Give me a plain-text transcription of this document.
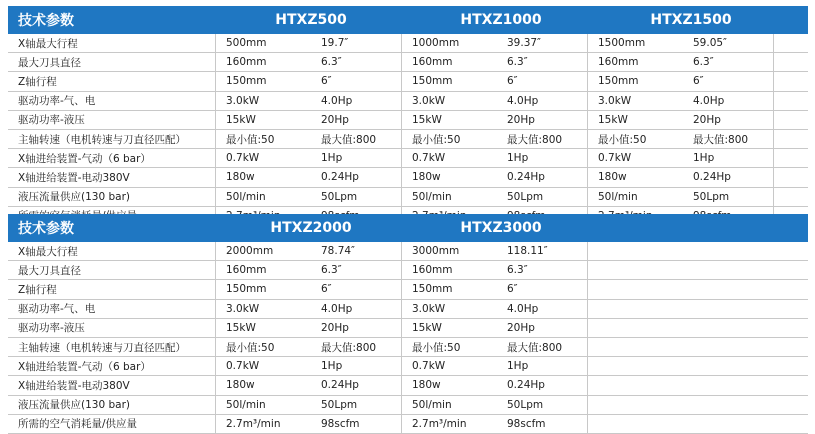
技术参数	HTXZ500	HTXZ1000	HTXZ1500
X轴最大行程	500mm	19.7″	1000mm	39.37″	1500mm	59.05″
最大刀具直径	160mm	6.3″	160mm	6.3″	160mm	6.3″
Z轴行程	150mm	6″	150mm	6″	150mm	6″
驱动功率-气、电	3.0kW	4.0Hp	3.0kW	4.0Hp	3.0kW	4.0Hp
驱动功率-液压	15kW	20Hp	15kW	20Hp	15kW	20Hp
主轴转速（电机转速与刀直径匹配）	最小值:50	最大值:800	最小值:50	最大值:800	最小值:50	最大值:800
X轴进给装置-气动（6 bar）	0.7kW	1Hp	0.7kW	1Hp	0.7kW	1Hp
X轴进给装置-电动380V	180w	0.24Hp	180w	0.24Hp	180w	0.24Hp
液压流量供应(130 bar)	50l/min	50Lpm	50l/min	50Lpm	50l/min	50Lpm
技术参数	HTXZ2000	HTXZ3000
X轴最大行程	2000mm	78.74″	3000mm	118.11″
最大刀具直径	160mm	6.3″	160mm	6.3″
Z轴行程	150mm	6″	150mm	6″
驱动功率-气、电	3.0kW	4.0Hp	3.0kW	4.0Hp
驱动功率-液压	15kW	20Hp	15kW	20Hp
主轴转速（电机转速与刀直径匹配）	最小值:50	最大值:800	最小值:50	最大值:800
X轴进给装置-气动（6 bar）	0.7kW	1Hp	0.7kW	1Hp
X轴进给装置-电动380V	180w	0.24Hp	180w	0.24Hp
液压流量供应(130 bar)	50l/min	50Lpm	50l/min	50Lpm
所需的空气消耗量/供应量	2.7m³/min	98scfm	2.7m³/min	98scfm
